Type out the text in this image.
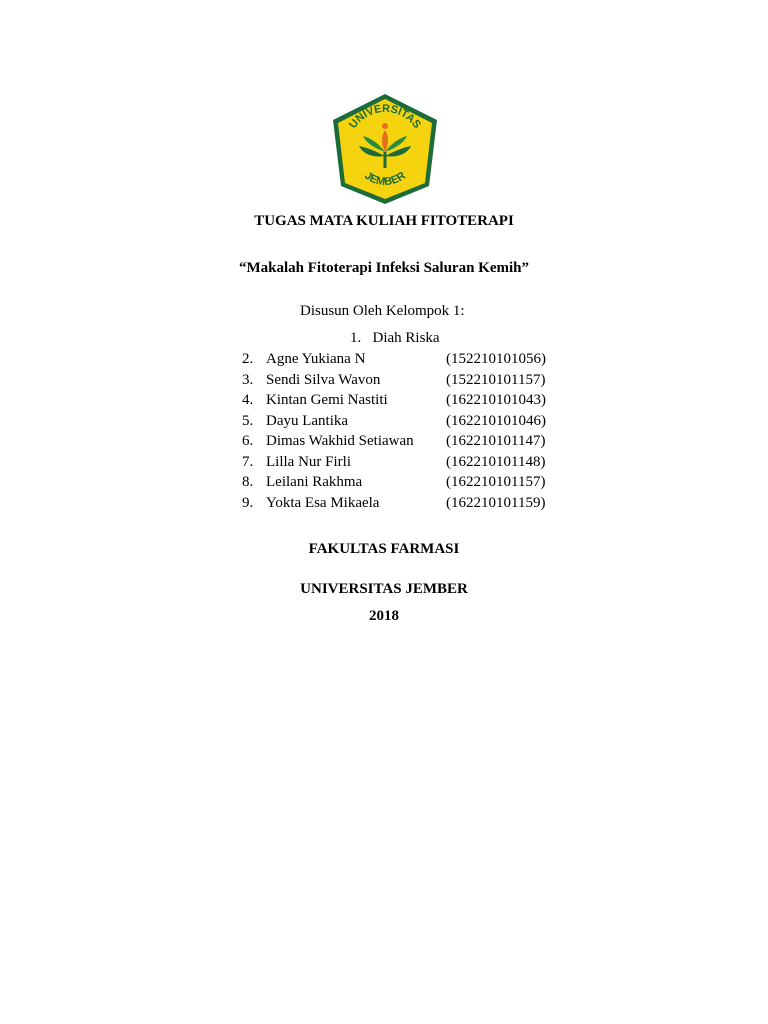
UNIVERSITAS
JEMBER
TUGAS MATA KULIAH FITOTERAPI
“Makalah Fitoterapi Infeksi Saluran Kemih”
Disusun Oleh Kelompok 1:
1. Diah Riska
2. Agne Yukiana N	(152210101056)
3. Sendi Silva Wavon	(152210101157)
4. Kintan Gemi Nastiti	(162210101043)
5. Dayu Lantika	(162210101046)
6. Dimas Wakhid Setiawan (162210101147)
7. Lilla Nur Firli	(162210101148)
8. Leilani Rakhma	(162210101157)
9. Yokta Esa Mikaela	(162210101159)
FAKULTAS FARMASI
UNIVERSITAS JEMBER
2018
